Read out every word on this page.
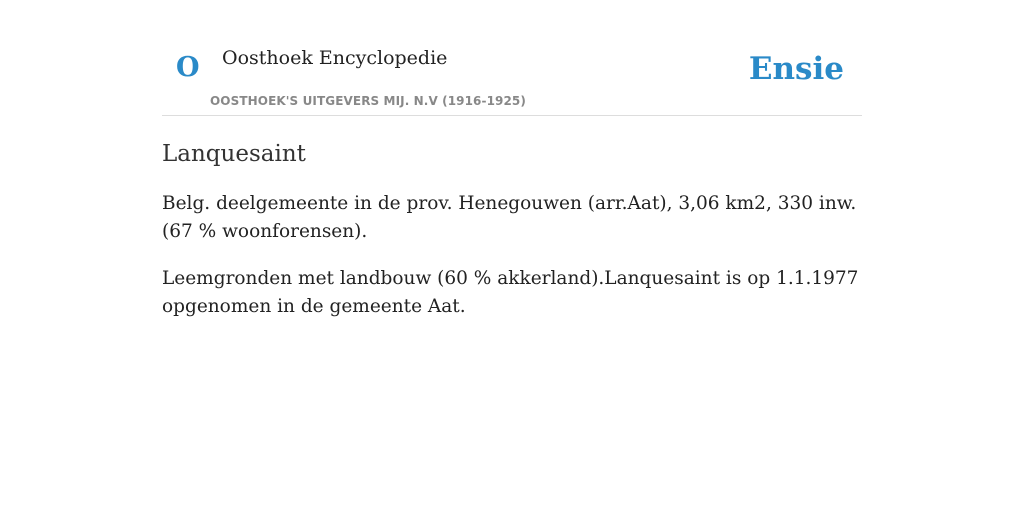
O Oosthoek Encyclopedie
OOSTHOEK'S UITGEVERS MIJ. N.V (1916-1925)
Ensie
Lanquesaint

Belg. deelgemeente in de prov. Henegouwen (arr.Aat), 3,06 km2, 330 inw. (67 % woonforensen).

Leemgronden met landbouw (60 % akkerland).Lanquesaint is op 1.1.1977 opgenomen in de gemeente Aat.
